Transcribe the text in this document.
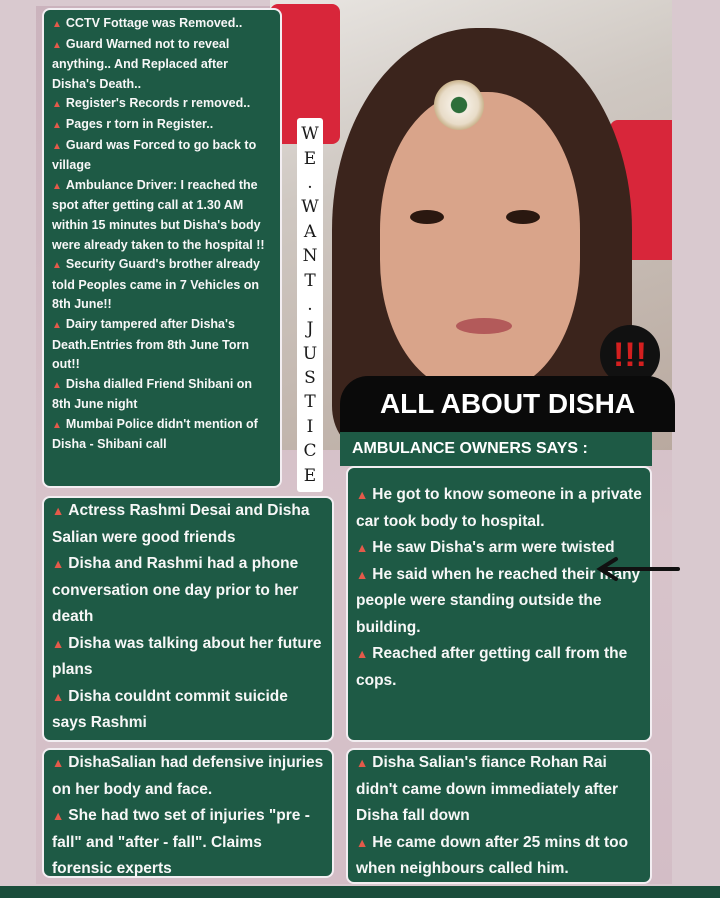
!!!
▲ CCTV Fottage was Removed..
▲ Guard Warned not to reveal anything.. And Replaced after Disha's Death..
▲ Register's Records r removed..
▲ Pages r torn in Register..
▲ Guard was Forced to go back to village
▲ Ambulance Driver: I reached the spot after getting call at 1.30 AM within 15 minutes but Disha's body were already taken to the hospital !!
▲ Security Guard's brother already told Peoples came in 7 Vehicles on 8th June!!
▲ Dairy tampered after Disha's Death.Entries from 8th June Torn out!!
▲ Disha dialled Friend Shibani on 8th June night
▲ Mumbai Police didn't mention of Disha - Shibani call
W
E
.
W
A
N
T
.
J
U
S
T
I
C
E
ALL ABOUT DISHA
AMBULANCE OWNERS SAYS :
▲ Actress Rashmi Desai and Disha Salian were good friends
▲ Disha and Rashmi had a phone conversation one day prior to her death
▲ Disha was talking about her future plans
▲ Disha couldnt commit suicide says Rashmi
▲ He got to know someone in a private car took body to hospital.
▲ He saw Disha's arm were twisted
▲ He said when he reached their many people were standing outside the building.
▲ Reached after getting call from the cops.
▲ DishaSalian had defensive injuries on her body and face.
▲ She had two set of injuries "pre - fall" and "after - fall". Claims forensic experts
▲ Disha Salian's fiance Rohan Rai didn't came down immediately after Disha fall down
▲ He came down after 25 mins dt too when neighbours called him.
